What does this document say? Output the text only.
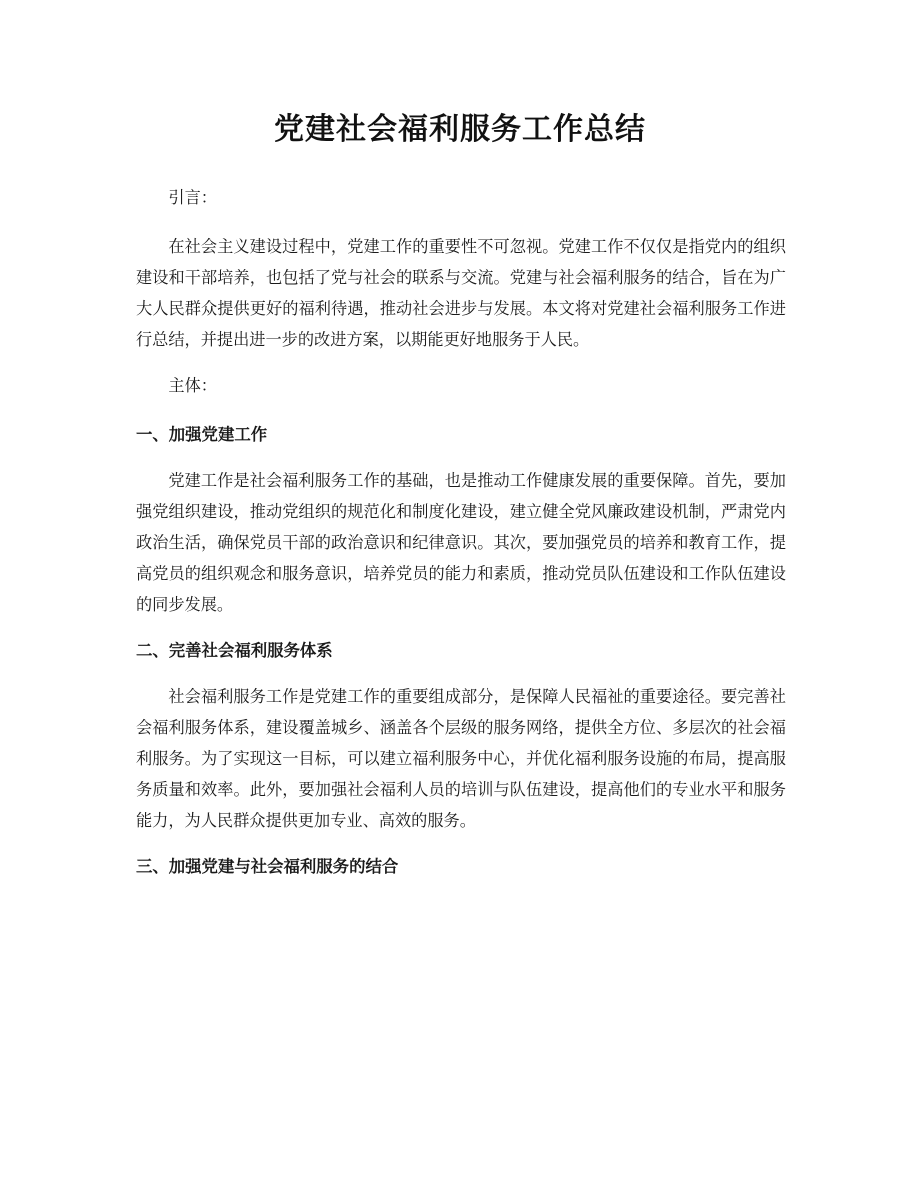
党建社会福利服务工作总结

引言：

在社会主义建设过程中，党建工作的重要性不可忽视。党建工作不仅仅是指党内的组织建设和干部培养，也包括了党与社会的联系与交流。党建与社会福利服务的结合，旨在为广大人民群众提供更好的福利待遇，推动社会进步与发展。本文将对党建社会福利服务工作进行总结，并提出进一步的改进方案，以期能更好地服务于人民。

主体：

一、加强党建工作

党建工作是社会福利服务工作的基础，也是推动工作健康发展的重要保障。首先，要加强党组织建设，推动党组织的规范化和制度化建设，建立健全党风廉政建设机制，严肃党内政治生活，确保党员干部的政治意识和纪律意识。其次，要加强党员的培养和教育工作，提高党员的组织观念和服务意识，培养党员的能力和素质，推动党员队伍建设和工作队伍建设的同步发展。

二、完善社会福利服务体系

社会福利服务工作是党建工作的重要组成部分，是保障人民福祉的重要途径。要完善社会福利服务体系，建设覆盖城乡、涵盖各个层级的服务网络，提供全方位、多层次的社会福利服务。为了实现这一目标，可以建立福利服务中心，并优化福利服务设施的布局，提高服务质量和效率。此外，要加强社会福利人员的培训与队伍建设，提高他们的专业水平和服务能力，为人民群众提供更加专业、高效的服务。

三、加强党建与社会福利服务的结合
